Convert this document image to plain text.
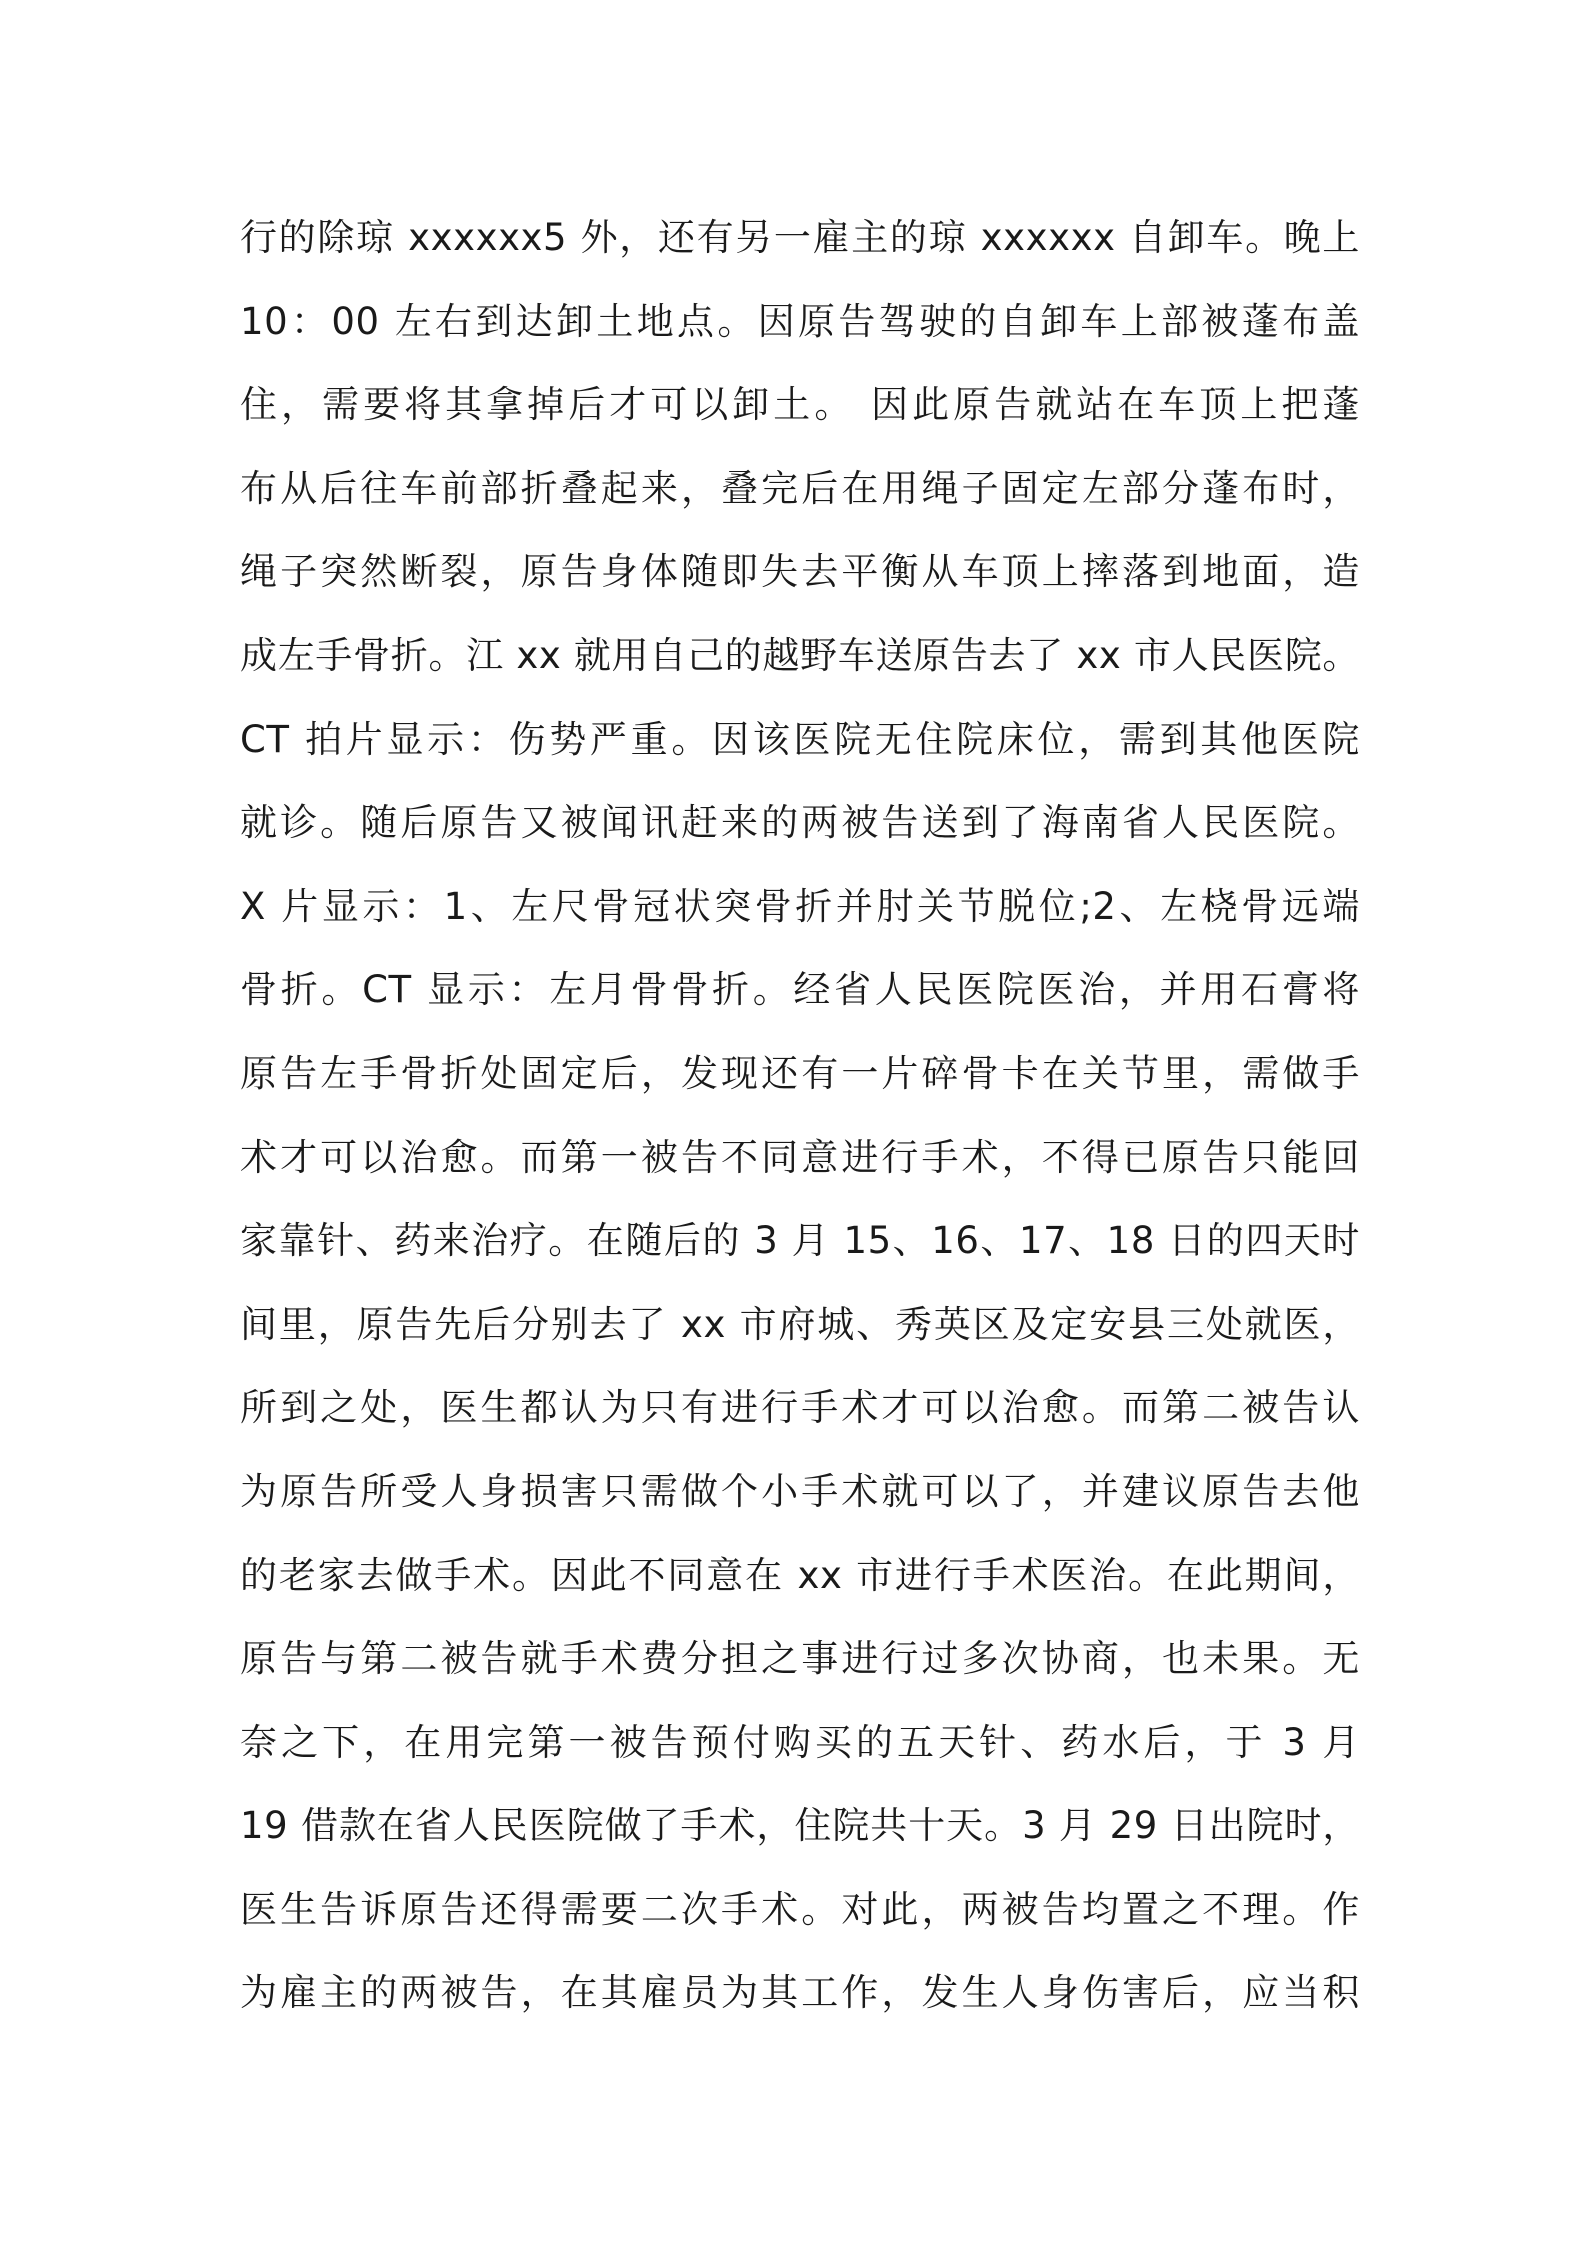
行的除琼 xxxxxx5 外，还有另一雇主的琼 xxxxxx 自卸车。晚上
10：00 左右到达卸土地点。因原告驾驶的自卸车上部被蓬布盖
住，需要将其拿掉后才可以卸土。 因此原告就站在车顶上把蓬
布从后往车前部折叠起来，叠完后在用绳子固定左部分蓬布时，
绳子突然断裂，原告身体随即失去平衡从车顶上摔落到地面，造
成左手骨折。江 xx 就用自己的越野车送原告去了 xx 市人民医院。
CT 拍片显示：伤势严重。因该医院无住院床位，需到其他医院
就诊。随后原告又被闻讯赶来的两被告送到了海南省人民医院。
X 片显示：1、左尺骨冠状突骨折并肘关节脱位;2、左桡骨远端
骨折。CT 显示：左月骨骨折。经省人民医院医治，并用石膏将
原告左手骨折处固定后，发现还有一片碎骨卡在关节里，需做手
术才可以治愈。而第一被告不同意进行手术，不得已原告只能回
家靠针、药来治疗。在随后的 3 月 15、16、17、18 日的四天时
间里，原告先后分别去了 xx 市府城、秀英区及定安县三处就医，
所到之处，医生都认为只有进行手术才可以治愈。而第二被告认
为原告所受人身损害只需做个小手术就可以了，并建议原告去他
的老家去做手术。因此不同意在 xx 市进行手术医治。在此期间，
原告与第二被告就手术费分担之事进行过多次协商，也未果。无
奈之下，在用完第一被告预付购买的五天针、药水后，于 3 月
19 借款在省人民医院做了手术，住院共十天。3 月 29 日出院时，
医生告诉原告还得需要二次手术。对此，两被告均置之不理。作
为雇主的两被告，在其雇员为其工作，发生人身伤害后，应当积
